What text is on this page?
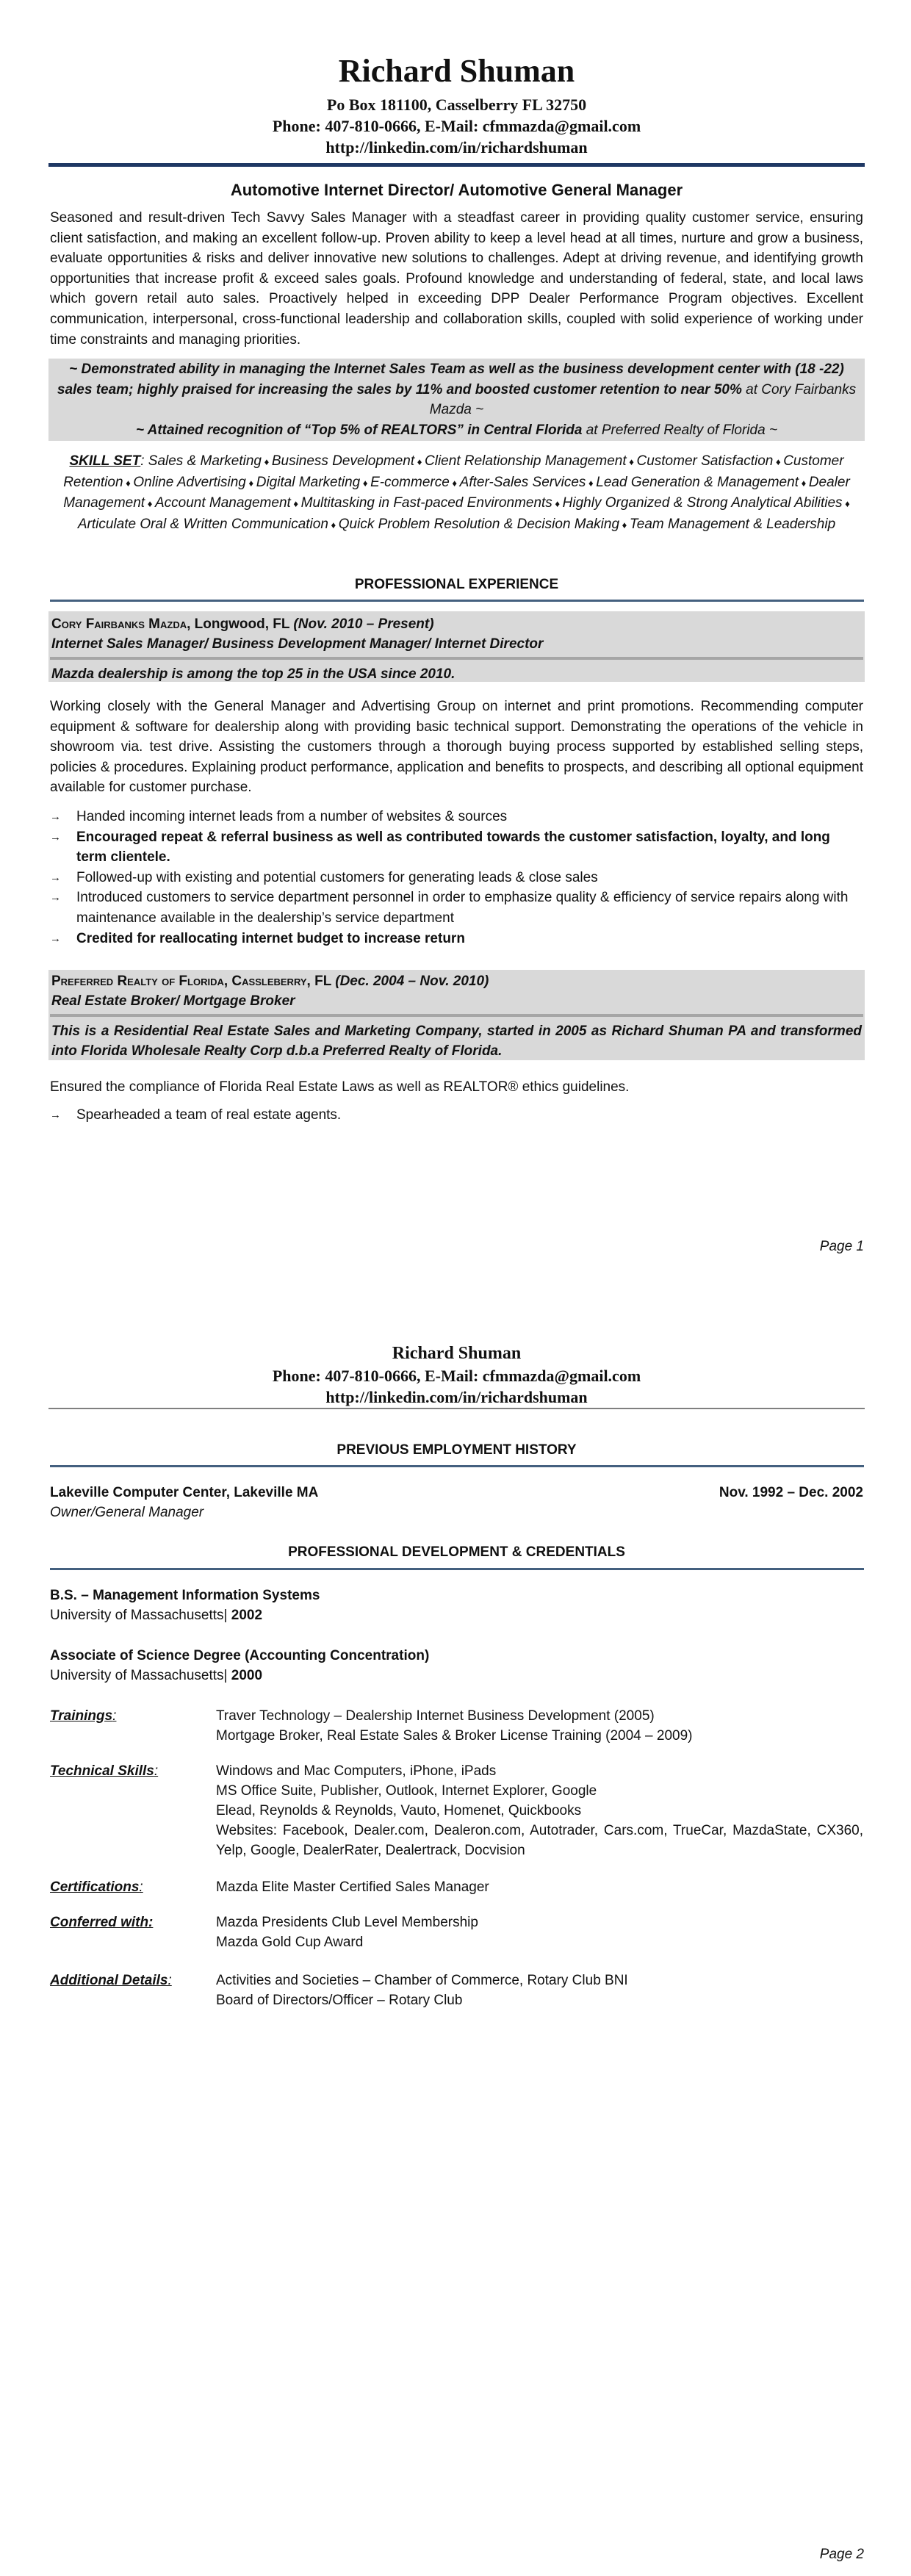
Richard Shuman
Po Box 181100, Casselberry FL 32750
Phone: 407-810-0666, E-Mail: cfmmazda@gmail.com
http://linkedin.com/in/richardshuman
Automotive Internet Director/ Automotive General Manager
Seasoned and result-driven Tech Savvy Sales Manager with a steadfast career in providing quality customer service, ensuring client satisfaction, and making an excellent follow-up. Proven ability to keep a level head at all times, nurture and grow a business, evaluate opportunities & risks and deliver innovative new solutions to challenges. Adept at driving revenue, and identifying growth opportunities that increase profit & exceed sales goals. Profound knowledge and understanding of federal, state, and local laws which govern retail auto sales. Proactively helped in exceeding DPP Dealer Performance Program objectives. Excellent communication, interpersonal, cross-functional leadership and collaboration skills, coupled with solid experience of working under time constraints and managing priorities.
~ Demonstrated ability in managing the Internet Sales Team as well as the business development center with (18 -22) sales team; highly praised for increasing the sales by 11% and boosted customer retention to near 50% at Cory Fairbanks Mazda ~
~ Attained recognition of “Top 5% of REALTORS” in Central Florida at Preferred Realty of Florida ~
SKILL SET: Sales & Marketing ♦ Business Development ♦ Client Relationship Management ♦ Customer Satisfaction ♦ Customer Retention ♦ Online Advertising ♦ Digital Marketing ♦ E-commerce ♦ After-Sales Services ♦ Lead Generation & Management ♦ Dealer Management ♦ Account Management ♦ Multitasking in Fast-paced Environments ♦ Highly Organized & Strong Analytical Abilities ♦ Articulate Oral & Written Communication ♦ Quick Problem Resolution & Decision Making ♦ Team Management & Leadership
PROFESSIONAL EXPERIENCE
Cory Fairbanks Mazda, Longwood, FL (Nov. 2010 – Present)
Internet Sales Manager/ Business Development Manager/ Internet Director
Mazda dealership is among the top 25 in the USA since 2010.
Working closely with the General Manager and Advertising Group on internet and print promotions. Recommending computer equipment & software for dealership along with providing basic technical support. Demonstrating the operations of the vehicle in showroom via. test drive. Assisting the customers through a thorough buying process supported by established selling steps, policies & procedures. Explaining product performance, application and benefits to prospects, and describing all optional equipment available for customer purchase.
→ Handed incoming internet leads from a number of websites & sources
→ Encouraged repeat & referral business as well as contributed towards the customer satisfaction, loyalty, and long term clientele.
→ Followed-up with existing and potential customers for generating leads & close sales
→ Introduced customers to service department personnel in order to emphasize quality & efficiency of service repairs along with maintenance available in the dealership’s service department
→ Credited for reallocating internet budget to increase return
Preferred Realty of Florida, Cassleberry, FL (Dec. 2004 – Nov. 2010)
Real Estate Broker/ Mortgage Broker
This is a Residential Real Estate Sales and Marketing Company, started in 2005 as Richard Shuman PA and transformed into Florida Wholesale Realty Corp d.b.a Preferred Realty of Florida.
Ensured the compliance of Florida Real Estate Laws as well as REALTOR® ethics guidelines.
→ Spearheaded a team of real estate agents.
Page 1
Richard Shuman
Phone: 407-810-0666, E-Mail: cfmmazda@gmail.com
http://linkedin.com/in/richardshuman
PREVIOUS EMPLOYMENT HISTORY
Lakeville Computer Center, Lakeville MA	Nov. 1992 – Dec. 2002
Owner/General Manager
PROFESSIONAL DEVELOPMENT & CREDENTIALS
B.S. – Management Information Systems
University of Massachusetts| 2002
Associate of Science Degree (Accounting Concentration)
University of Massachusetts| 2000
Trainings:	Traver Technology – Dealership Internet Business Development (2005)
Mortgage Broker, Real Estate Sales & Broker License Training (2004 – 2009)
Technical Skills:	Windows and Mac Computers, iPhone, iPads
MS Office Suite, Publisher, Outlook, Internet Explorer, Google
Elead, Reynolds & Reynolds, Vauto, Homenet, Quickbooks
Websites: Facebook, Dealer.com, Dealeron.com, Autotrader, Cars.com, TrueCar, MazdaState, CX360, Yelp, Google, DealerRater, Dealertrack, Docvision
Certifications:	Mazda Elite Master Certified Sales Manager
Conferred with:	Mazda Presidents Club Level Membership
Mazda Gold Cup Award
Additional Details:	Activities and Societies – Chamber of Commerce, Rotary Club BNI
Board of Directors/Officer – Rotary Club
Page 2
